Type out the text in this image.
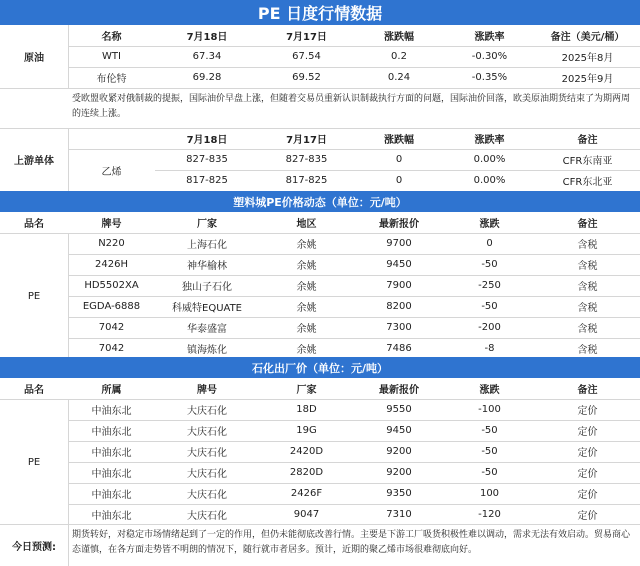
PE 日度行情数据
名称	7月18日	7月17日	涨跌幅	涨跌率	备注（美元/桶）
WTI	67.34	67.54	0.2	-0.30%	2025年8月
布伦特	69.28	69.52	0.24	-0.35%	2025年9月
原油
受欧盟收紧对俄制裁的提振，国际油价早盘上涨，但随着交易员重新认识制裁执行方面的问题，国际油价回落，欧美原油期货结束了为期两周的连续上涨。
7月18日	7月17日	涨跌幅	涨跌率	备注
乙烯
827-835	827-835	0	0.00%	CFR东南亚
817-825	817-825	0	0.00%	CFR东北亚
上游单体
塑料城PE价格动态（单位：元/吨）
品名	牌号	厂家	地区	最新报价	涨跌	备注
N220	上海石化	余姚	9700	0	含税
2426H	神华榆林	余姚	9450	-50	含税
HD5502XA	独山子石化	余姚	7900	-250	含税
EGDA-6888	科威特EQUATE	余姚	8200	-50	含税
7042	华泰盛富	余姚	7300	-200	含税
7042	镇海炼化	余姚	7486	-8	含税
PE
石化出厂价（单位：元/吨）
品名	所属	牌号	厂家	最新报价	涨跌	备注
中油东北	大庆石化	18D	9550	-100	定价
中油东北	大庆石化	19G	9450	-50	定价
中油东北	大庆石化	2420D	9200	-50	定价
中油东北	大庆石化	2820D	9200	-50	定价
中油东北	大庆石化	2426F	9350	100	定价
中油东北	大庆石化	9047	7310	-120	定价
PE
今日预测:
期货转好，对稳定市场情绪起到了一定的作用，但仍未能彻底改善行情。主要是下游工厂吸货积极性难以调动，需求无法有效启动。贸易商心态谨慎，在各方面走势皆不明朗的情况下，随行就市者居多。预计，近期的聚乙烯市场很难彻底向好。
